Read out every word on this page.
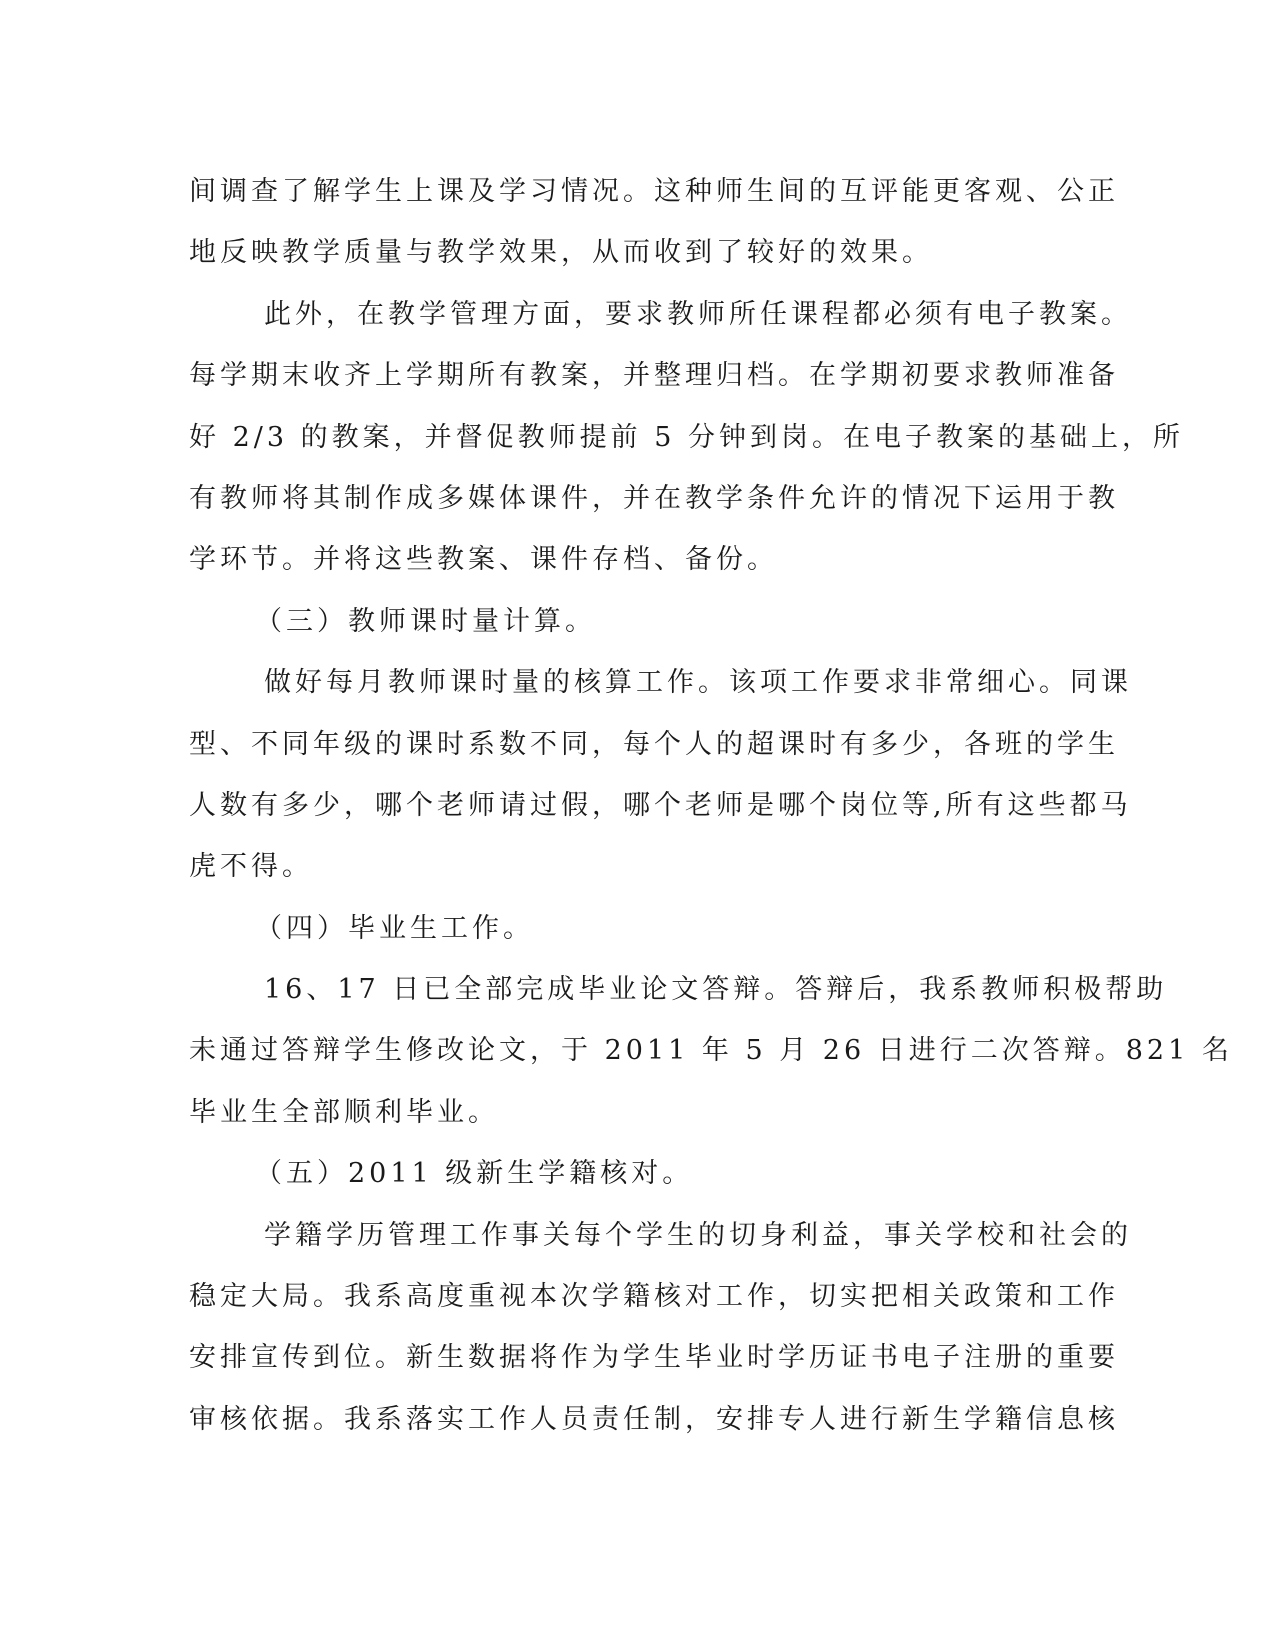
间调查了解学生上课及学习情况。这种师生间的互评能更客观、公正
地反映教学质量与教学效果，从而收到了较好的效果。
此外，在教学管理方面，要求教师所任课程都必须有电子教案。
每学期末收齐上学期所有教案，并整理归档。在学期初要求教师准备
好 2/3 的教案，并督促教师提前 5 分钟到岗。在电子教案的基础上，所
有教师将其制作成多媒体课件，并在教学条件允许的情况下运用于教
学环节。并将这些教案、课件存档、备份。
（三）教师课时量计算。
做好每月教师课时量的核算工作。该项工作要求非常细心。同课
型、不同年级的课时系数不同，每个人的超课时有多少，各班的学生
人数有多少，哪个老师请过假，哪个老师是哪个岗位等,所有这些都马
虎不得。
（四）毕业生工作。
16、17 日已全部完成毕业论文答辩。答辩后，我系教师积极帮助
未通过答辩学生修改论文，于 2011 年 5 月 26 日进行二次答辩。821 名
毕业生全部顺利毕业。
（五）2011 级新生学籍核对。
学籍学历管理工作事关每个学生的切身利益，事关学校和社会的
稳定大局。我系高度重视本次学籍核对工作，切实把相关政策和工作
安排宣传到位。新生数据将作为学生毕业时学历证书电子注册的重要
审核依据。我系落实工作人员责任制，安排专人进行新生学籍信息核
